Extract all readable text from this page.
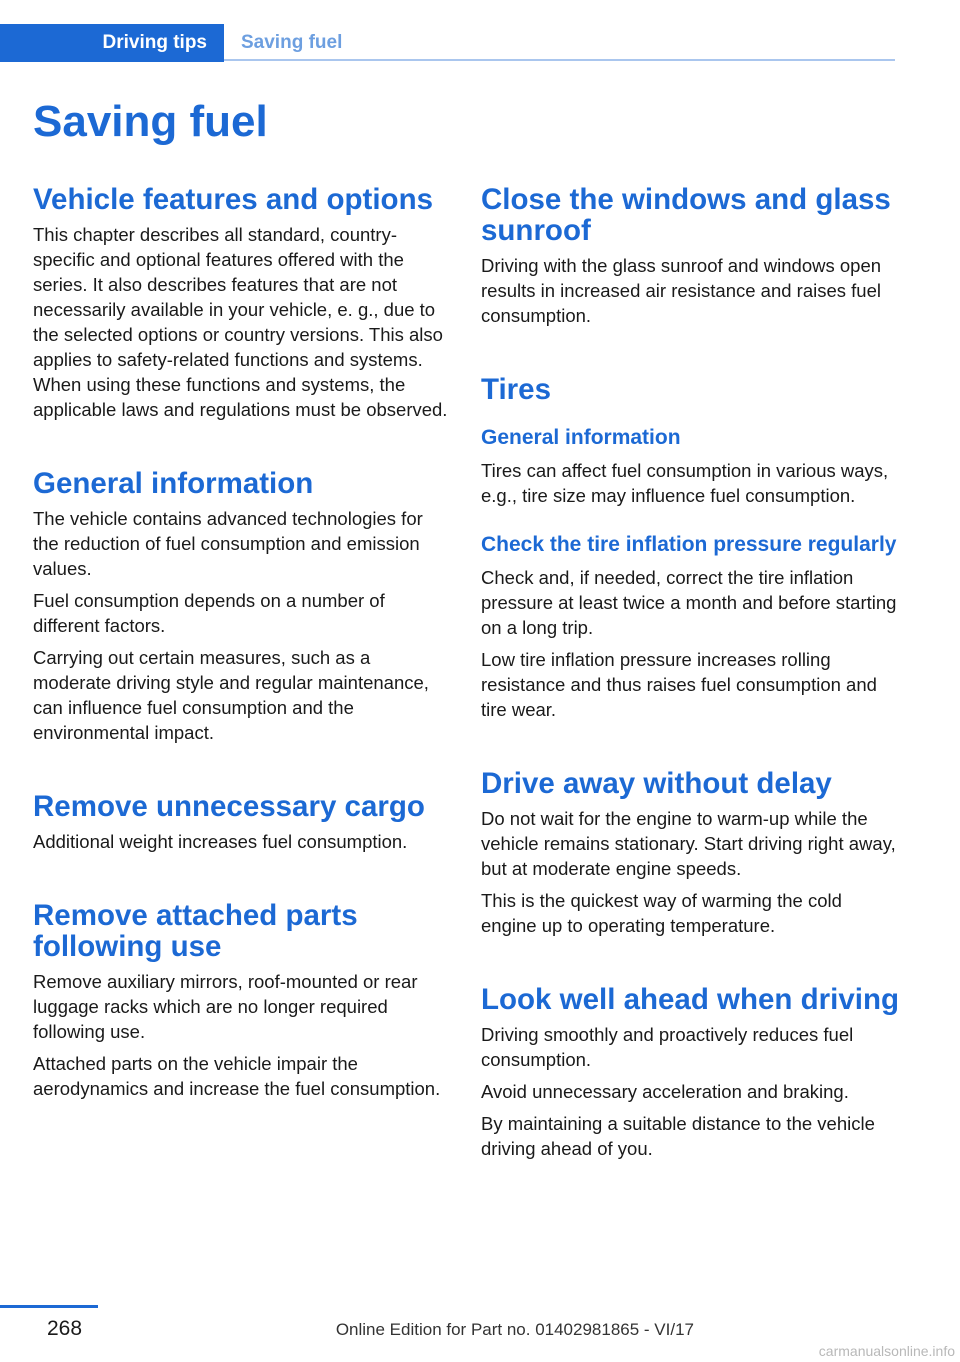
Driving tips	Saving fuel
Saving fuel
Vehicle features and options

This chapter describes all standard, country-specific and optional features offered with the series. It also describes features that are not necessarily available in your vehicle, e. g., due to the selected options or country versions. This also applies to safety-related functions and systems. When using these functions and systems, the applicable laws and regulations must be observed.

General information

The vehicle contains advanced technologies for the reduction of fuel consumption and emission values.

Fuel consumption depends on a number of different factors.

Carrying out certain measures, such as a moderate driving style and regular maintenance, can influence fuel consumption and the environmental impact.

Remove unnecessary cargo

Additional weight increases fuel consumption.

Remove attached parts following use

Remove auxiliary mirrors, roof-mounted or rear luggage racks which are no longer required following use.

Attached parts on the vehicle impair the aerodynamics and increase the fuel consumption.

Close the windows and glass sunroof

Driving with the glass sunroof and windows open results in increased air resistance and raises fuel consumption.

Tires
General information

Tires can affect fuel consumption in various ways, e.g., tire size may influence fuel consumption.

Check the tire inflation pressure regularly

Check and, if needed, correct the tire inflation pressure at least twice a month and before starting on a long trip.

Low tire inflation pressure increases rolling resistance and thus raises fuel consumption and tire wear.

Drive away without delay

Do not wait for the engine to warm-up while the vehicle remains stationary. Start driving right away, but at moderate engine speeds.

This is the quickest way of warming the cold engine up to operating temperature.

Look well ahead when driving

Driving smoothly and proactively reduces fuel consumption.

Avoid unnecessary acceleration and braking.

By maintaining a suitable distance to the vehicle driving ahead of you.

268	Online Edition for Part no. 01402981865 - VI/17
carmanualsonline.info
